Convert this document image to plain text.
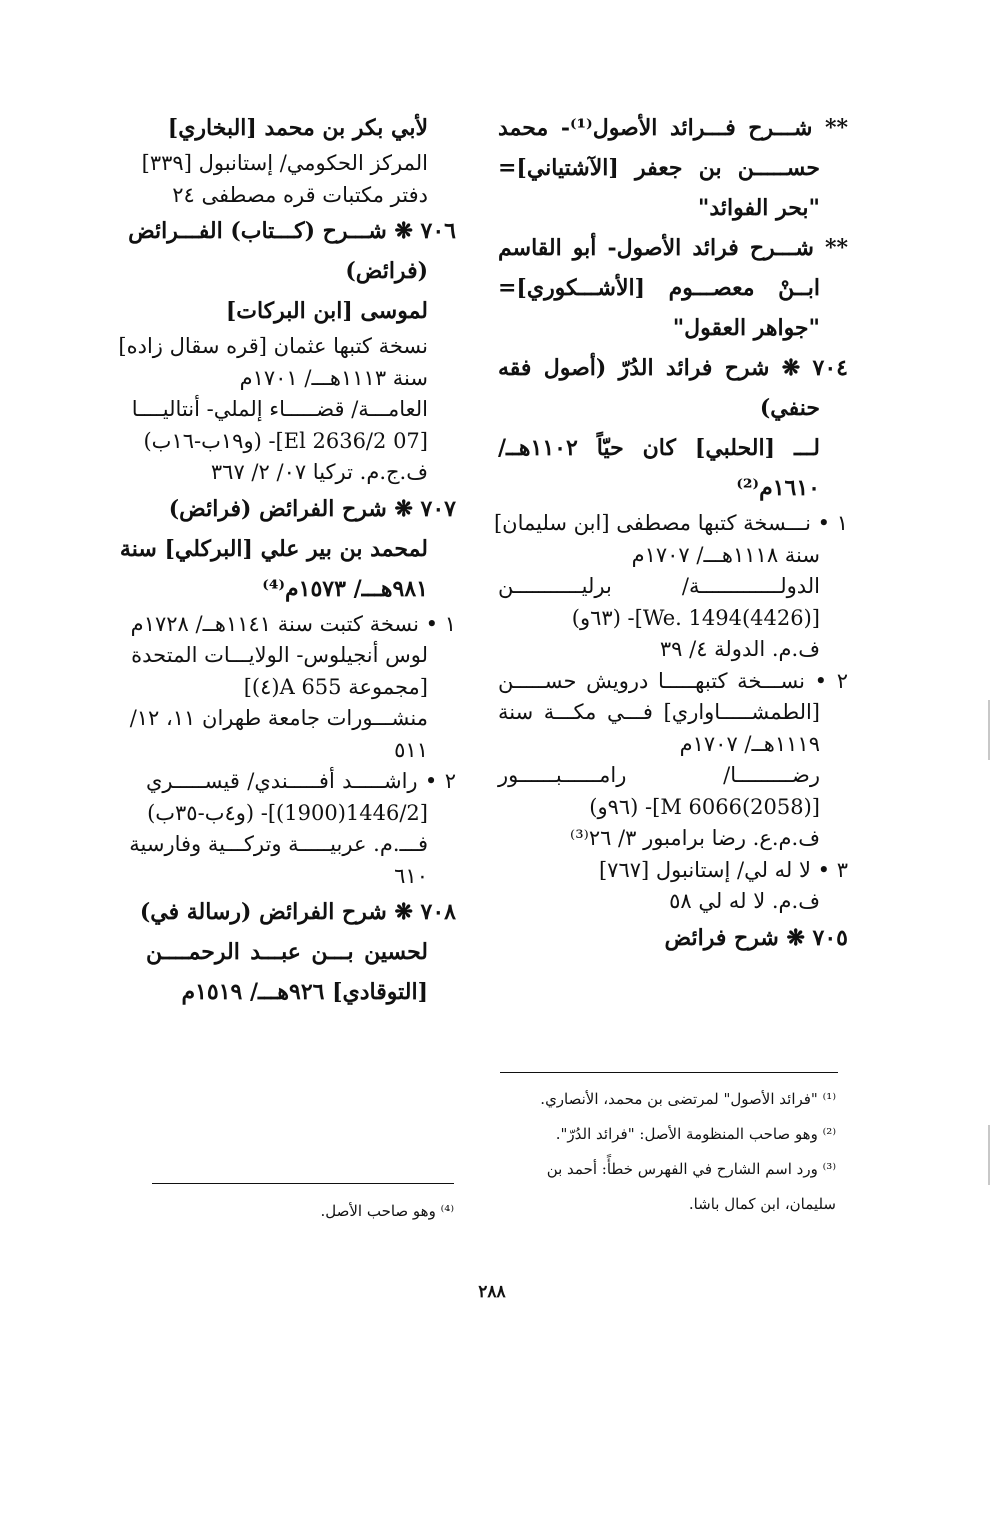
** شـــرح فـــرائد الأصول⁽¹⁾- محمد
حســـــن بن جعفر [الآشتياني]=
"بحر الفوائد"
** شـــرح فرائد الأصول- أبو القاسم
ابــنْ معصـــوم [الأشـــكوري]=
"جواهر العقول"
٧٠٤ ❋ شرح فرائد الدُرّ (أصول فقه
حنفي)
لـــ [الحلبي] كان حيّاً ١١٠٢هــ/
١٦١٠م⁽²⁾
١ • نـــسخة كتبها مصطفى [ابن سليمان]
سنة ١١١٨هـــ/ ١٧٠٧م
الدولـــــــــــــة/ برليـــــــــــن
[We. 1494(4426)]- (٦٣و)
ف.م. الدولة ٤/ ٣٩
٢ • نســـخة كتبهـــــا درويش حســـــن
[الطمشـــــاواري] فـــي مكـــة سنة
١١١٩هــ/ ١٧٠٧م
رضـــــــــا/ رامــــــبــــــور
[M 6066(2058)]- (٩٦و)
ف.م.ع. رضا برامبور ٣/ ٢٦⁽³⁾
٣ • لا له لي/ إستانبول [٧٦٧]
ف.م. لا له لي ٥٨
٧٠٥ ❋ شرح فرائض
لأبي بكر بن محمد [البخاري]
المركز الحكومي/ إستانبول [٣٣٩]
دفتر مكتبات قره مصطفى ٢٤
٧٠٦ ❋ شـــرح (كـــتاب) الفـــرائض
(فرائض)
لموسى [ابن البركات]
نسخة كتبها عثمان [قره سقال زاده]
سنة ١١١٣هـــ/ ١٧٠١م
العامـــة/ قضـــــاء إلملي- أنتاليــــا
[07 El 2636/2]- (و١٩ب-١٦ب)
ف.ج.م. تركيا ٠٧/ ٢/ ٣٦٧
٧٠٧ ❋ شرح الفرائض (فرائض)
لمحمد بن بير علي [البركلي] سنة
٩٨١هـــ/ ١٥٧٣م⁽⁴⁾
١ • نسخة كتبت سنة ١١٤١هــ/ ١٧٢٨م
لوس أنجيلوس- الولايـــات المتحدة
[مجموعة A 655(٤)]
منشـــورات جامعة طهران ١١، ١٢/
٥١١
٢ • راشـــــد أفـــــندي/ قيســـــري
[1446/2(1900)]- (و٤ب-٣٥ب)
فـــ.م. عربيـــــة وتركـــية وفارسية
٦١٠
٧٠٨ ❋ شرح الفرائض (رسالة في)
لحسين بـــن عبـــد الرحمــــن
[التوقادي] ٩٢٦هـــ/ ١٥١٩م
⁽¹⁾ "فرائد الأصول" لمرتضى بن محمد، الأنصاري.
⁽²⁾ وهو صاحب المنظومة الأصل: "فرائد الدُرّ".
⁽³⁾ ورد اسم الشارح في الفهرس خطأً: أحمد بن
سليمان، ابن كمال باشا.
⁽⁴⁾ وهو صاحب الأصل.
٢٨٨
